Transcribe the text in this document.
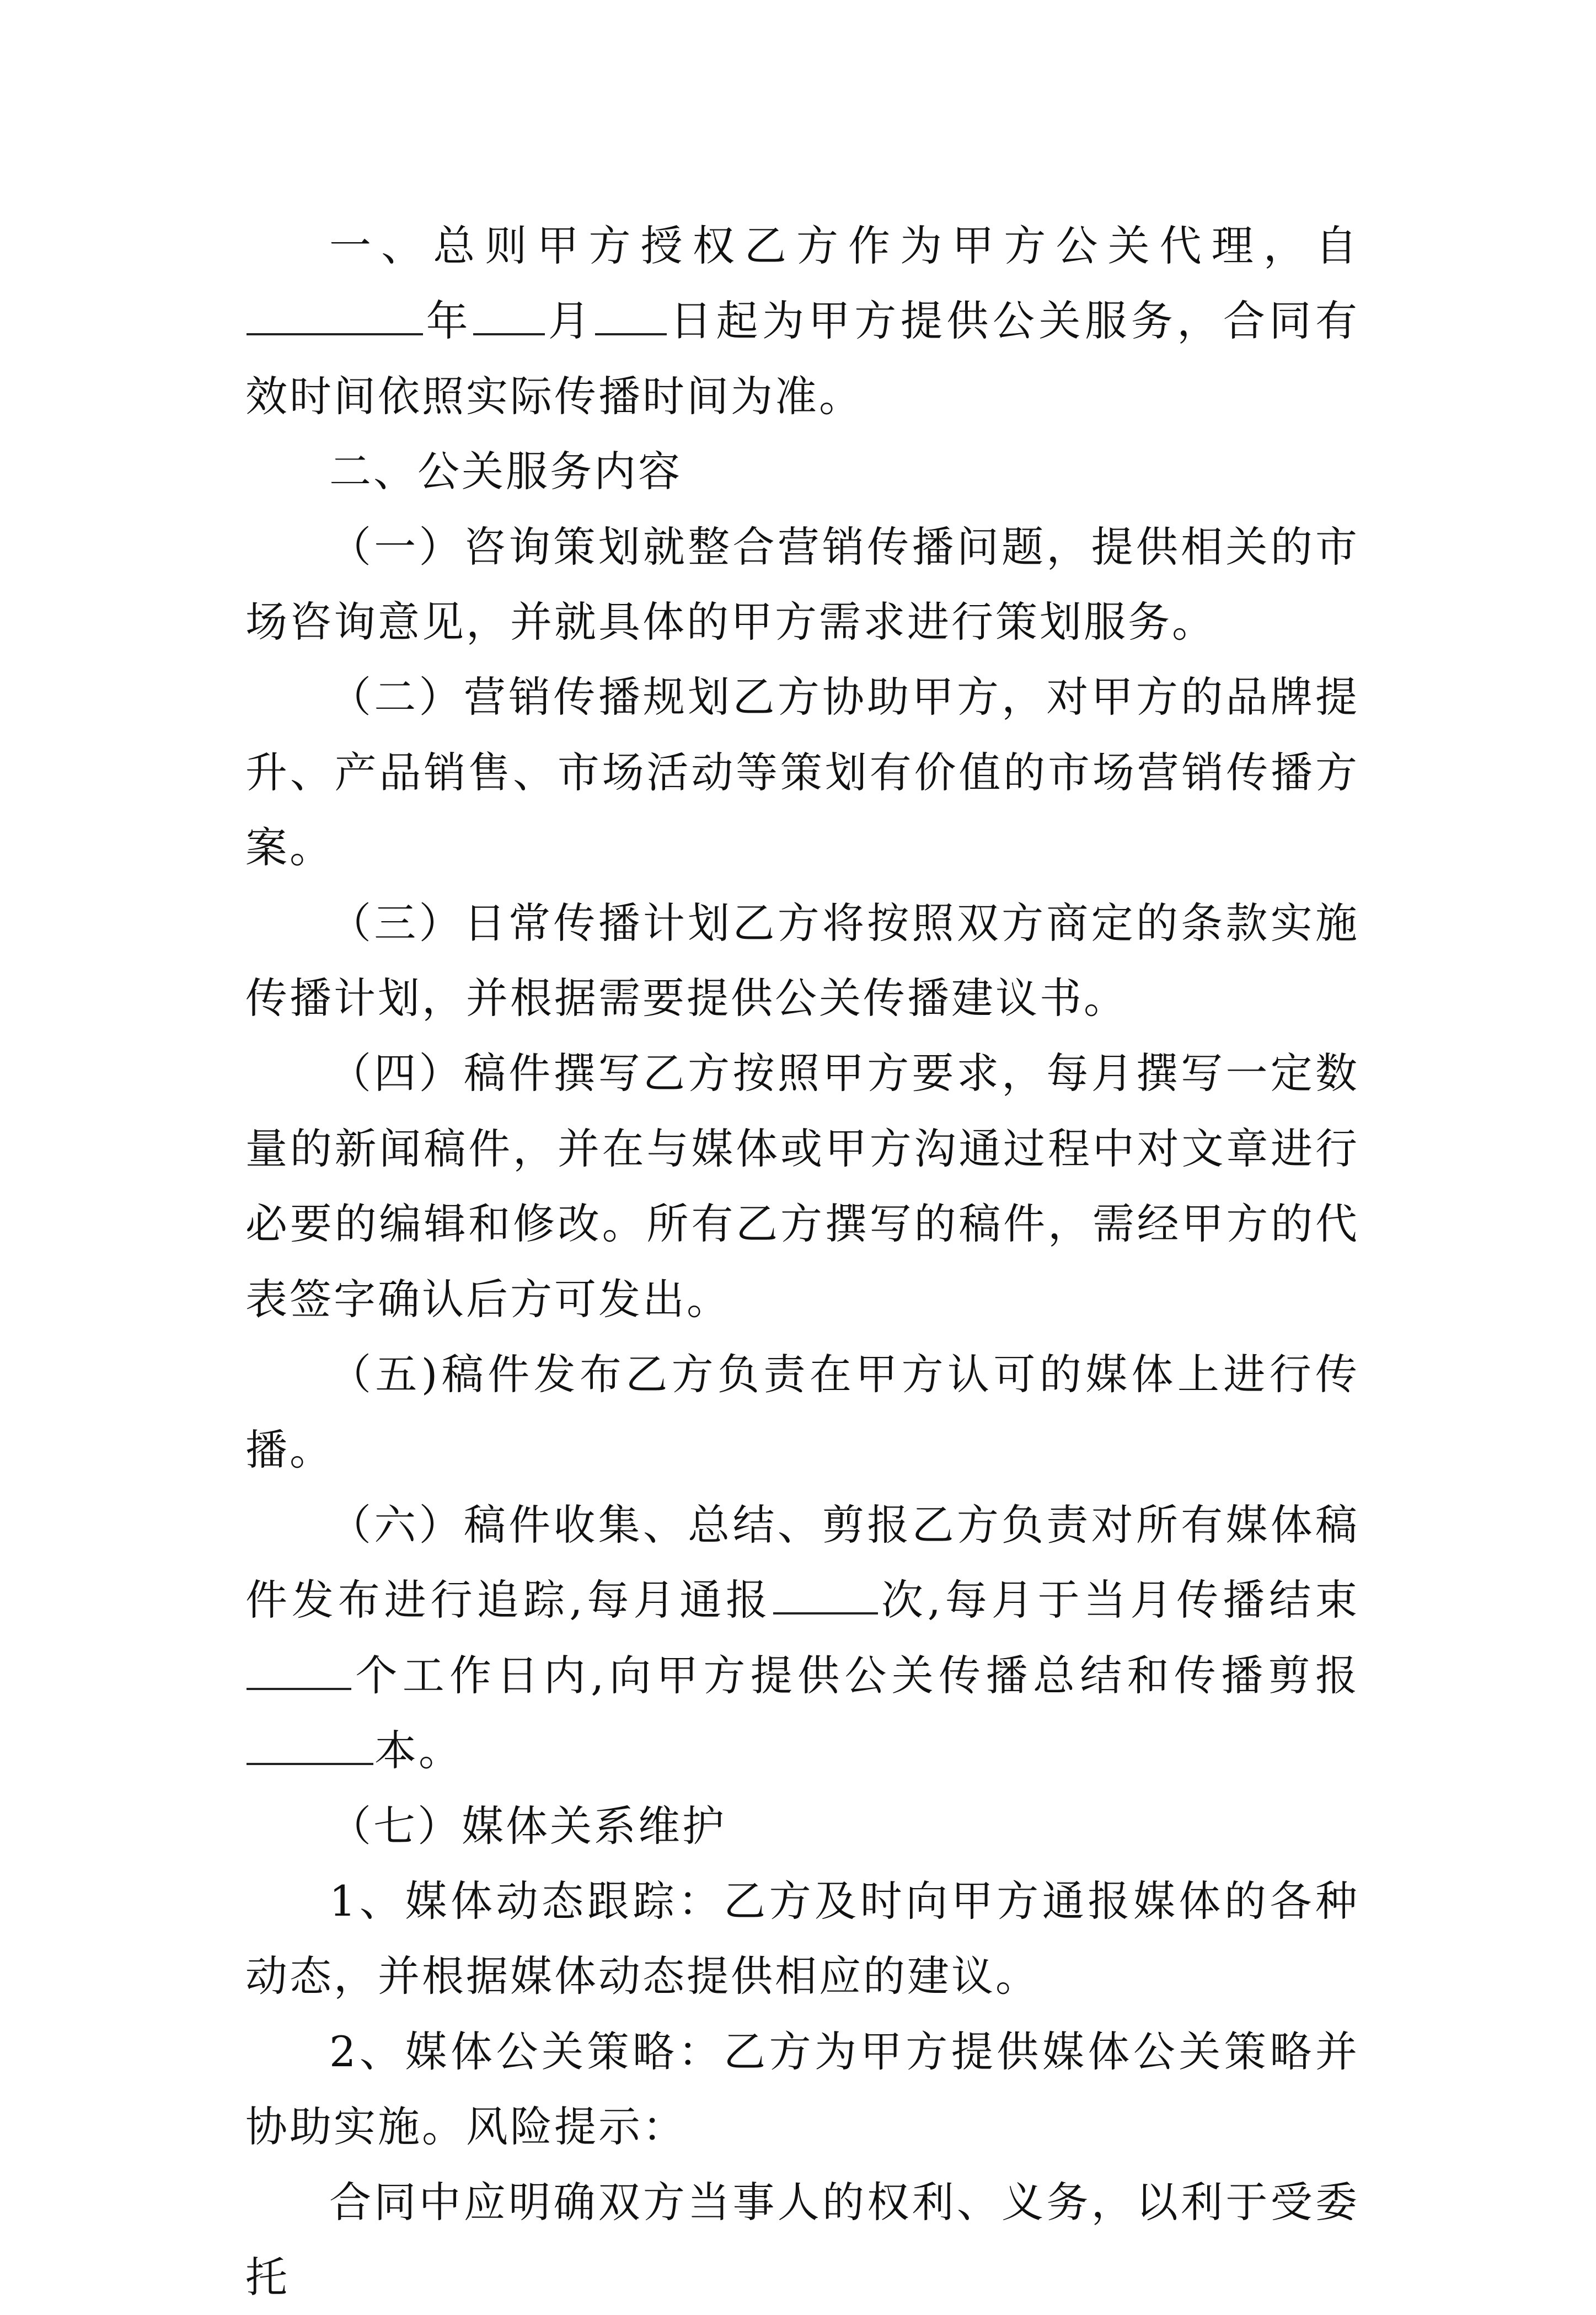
一、总则甲方授权乙方作为甲方公关代理，自年 月 日起为甲方提供公关服务，合同有效时间依照实际传播时间为准。

二、公关服务内容

（一）咨询策划就整合营销传播问题，提供相关的市场咨询意见，并就具体的甲方需求进行策划服务。

（二）营销传播规划乙方协助甲方，对甲方的品牌提升、产品销售、市场活动等策划有价值的市场营销传播方案。

（三）日常传播计划乙方将按照双方商定的条款实施传播计划，并根据需要提供公关传播建议书。

（四）稿件撰写乙方按照甲方要求，每月撰写一定数量的新闻稿件，并在与媒体或甲方沟通过程中对文章进行必要的编辑和修改。所有乙方撰写的稿件，需经甲方的代表签字确认后方可发出。

（五)稿件发布乙方负责在甲方认可的媒体上进行传播。

（六）稿件收集、总结、剪报乙方负责对所有媒体稿件发布进行追踪,每月通报	次,每月于当月传播结束个工作日内,向甲方提供公关传播总结和传播剪报本。

（七）媒体关系维护

1、媒体动态跟踪：乙方及时向甲方通报媒体的各种动态，并根据媒体动态提供相应的建议。

2、媒体公关策略：乙方为甲方提供媒体公关策略并协助实施。风险提示：

合同中应明确双方当事人的权利、义务，以利于受委托
